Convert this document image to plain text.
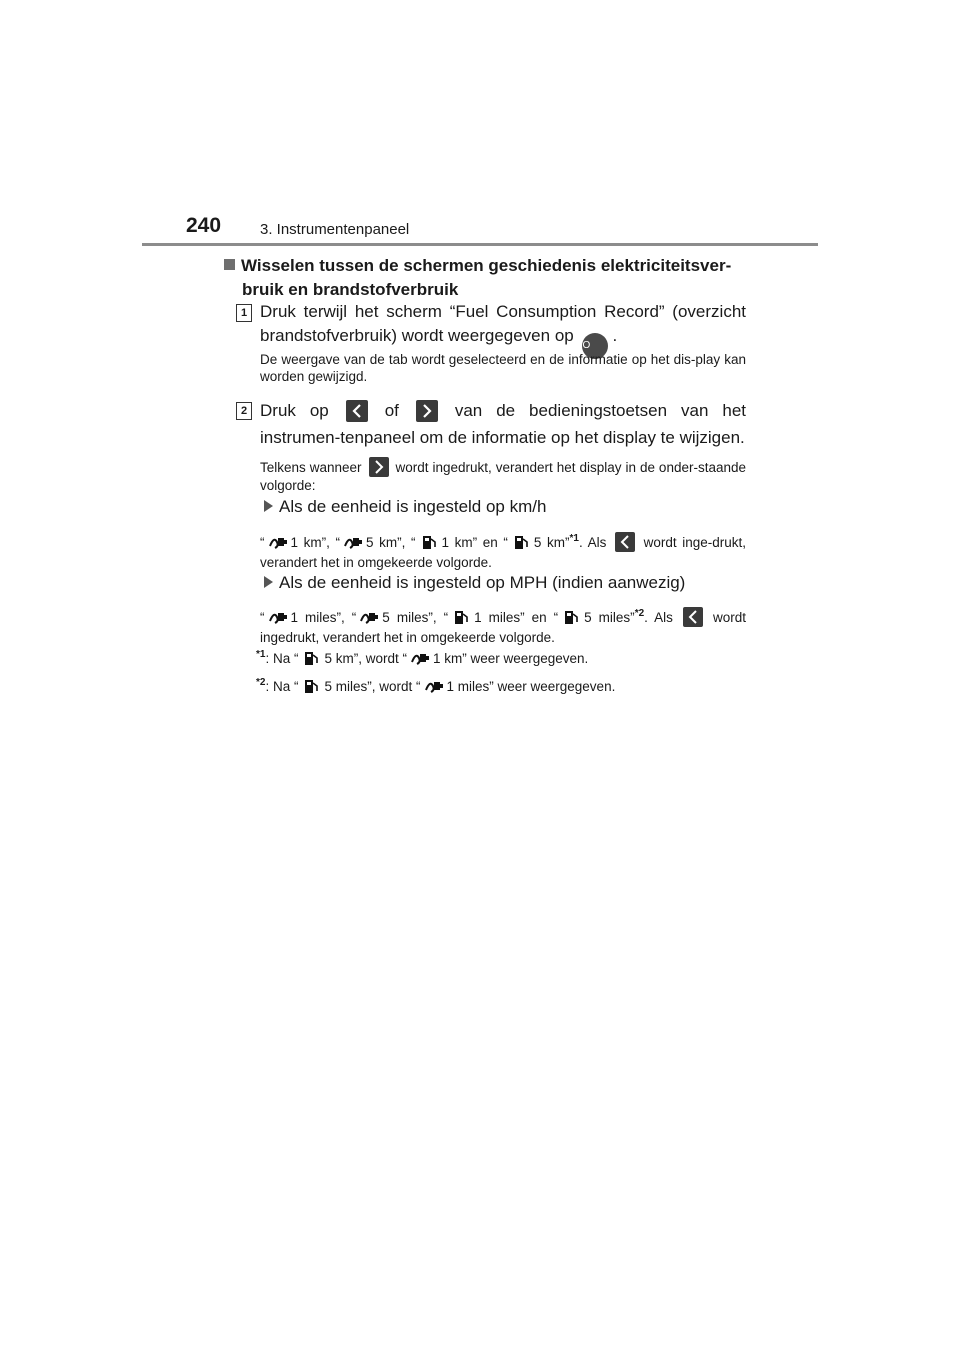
240	3. Instrumentenpaneel
Wisselen tussen de schermen geschiedenis elektriciteitsver-
bruik en brandstofverbruik
1 Druk terwijl het scherm “Fuel Consumption Record” (overzicht brandstofverbruik) wordt weergegeven op O.
De weergave van de tab wordt geselecteerd en de informatie op het dis-play kan worden gewijzigd.
2 Druk op	of	van de bedieningstoetsen van het instrumen-tenpaneel om de informatie op het display te wijzigen.
Telkens wanneer	wordt ingedrukt, verandert het display in de onder-staande volgorde:
Als de eenheid is ingesteld op km/h
“ 1 km”, “ 5 km”, “ 1 km” en “ 5 km”$^{*1}$. Als	wordt inge-drukt, verandert het in omgekeerde volgorde.
Als de eenheid is ingesteld op MPH (indien aanwezig)
“ 1 miles”, “ 5 miles”, “ 1 miles” en “ 5 miles”$^{*2}$. Als	wordt ingedrukt, verandert het in omgekeerde volgorde.
$^{*1}$: Na “ 5 km”, wordt “ 1 km” weer weergegeven.
$^{*2}$: Na “ 5 miles”, wordt “ 1 miles” weer weergegeven.
